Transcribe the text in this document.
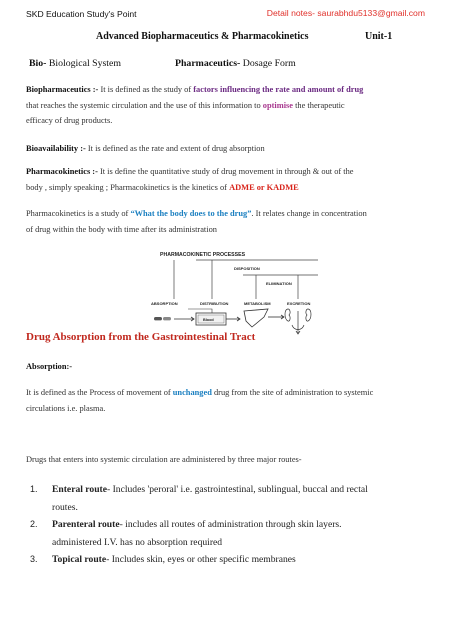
SKD Education Study's Point	Detail notes- saurabhdu5133@gmail.com
Advanced Biopharmaceutics & Pharmacokinetics	Unit-1
Bio- Biological System	Pharmaceutics- Dosage Form
Biopharmaceutics :- It is defined as the study of factors influencing the rate and amount of drug
that reaches the systemic circulation and the use of this information to optimise the therapeutic
efficacy of drug products.
Bioavailability :- It is defined as the rate and extent of drug absorption
Pharmacokinetics :- It is define the quantitative study of drug movement in through & out of the
body , simply speaking ; Pharmacokinetics is the kinetics of ADME or KADME
Pharmacokinetics is a study of “What the body does to the drug”. It relates change in concentration
of drug within the body with time after its administration
PHARMACOKINETIC PROCESSES
DISPOSITION
ELIMINATION
ABSORPTION	DISTRIBUTION	METABOLISM	EXCRETION
Blood
Drug Absorption from the Gastrointestinal Tract
Absorption:-
It is defined as the Process of movement of unchanged drug from the site of administration to systemic
circulations i.e. plasma.
Drugs that enters into systemic circulation are administered by three major routes-
1. Enteral route- Includes 'peroral' i.e. gastrointestinal, sublingual, buccal and rectal
routes.
2. Parenteral route- includes all routes of administration through skin layers.
administered I.V. has no absorption required
3. Topical route- Includes skin, eyes or other specific membranes
